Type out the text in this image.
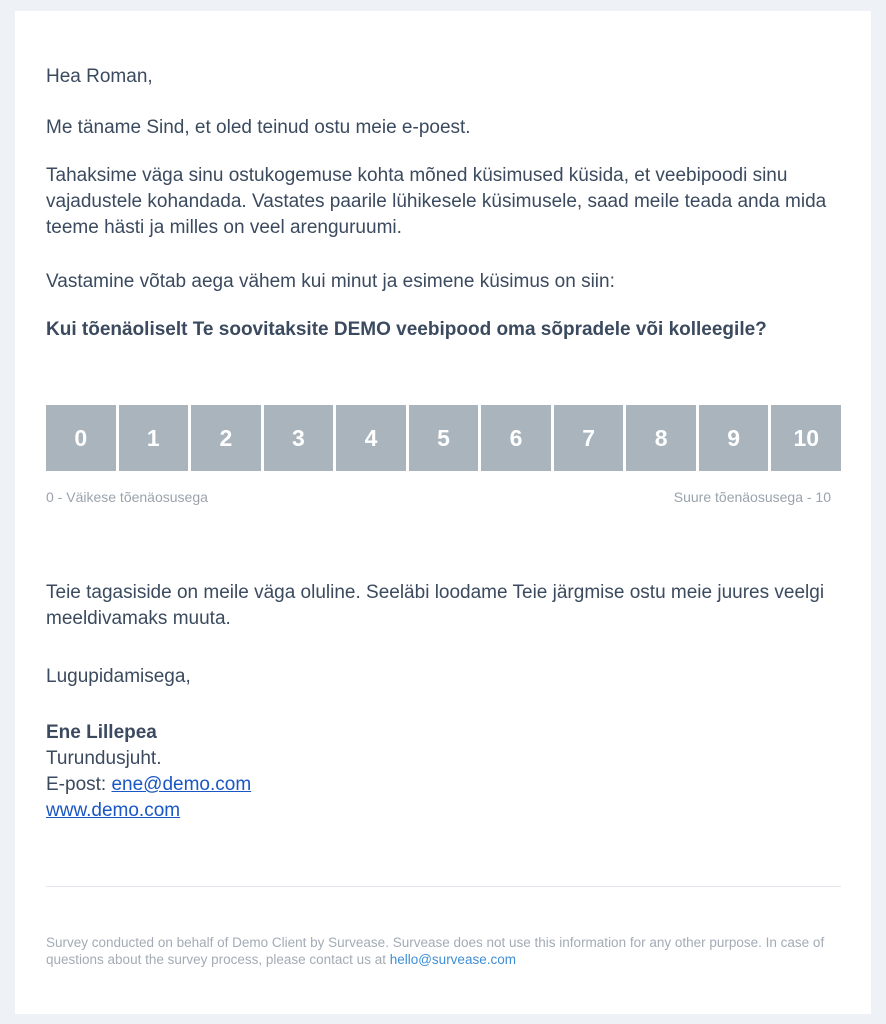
Hea Roman,

Me täname Sind, et oled teinud ostu meie e-poest.

Tahaksime väga sinu ostukogemuse kohta mõned küsimused küsida, et veebipoodi sinu vajadustele kohandada. Vastates paarile lühikesele küsimusele, saad meile teada anda mida teeme hästi ja milles on veel arenguruumi.

Vastamine võtab aega vähem kui minut ja esimene küsimus on siin:

Kui tõenäoliselt Te soovitaksite DEMO veebipood oma sõpradele või kolleegile?

0	1	2	3	4	5	6	7	8	9	10
0 - Väikese tõenäosusega	Suure tõenäosusega - 10

Teie tagasiside on meile väga oluline. Seeläbi loodame Teie järgmise ostu meie juures veelgi meeldivamaks muuta.

Lugupidamisega,

Ene Lillepea

Turundusjuht.

E-post: ene@demo.com

www.demo.com

Survey conducted on behalf of Demo Client by Survease. Survease does not use this information for any other purpose. In case of questions about the survey process, please contact us at hello@survease.com
